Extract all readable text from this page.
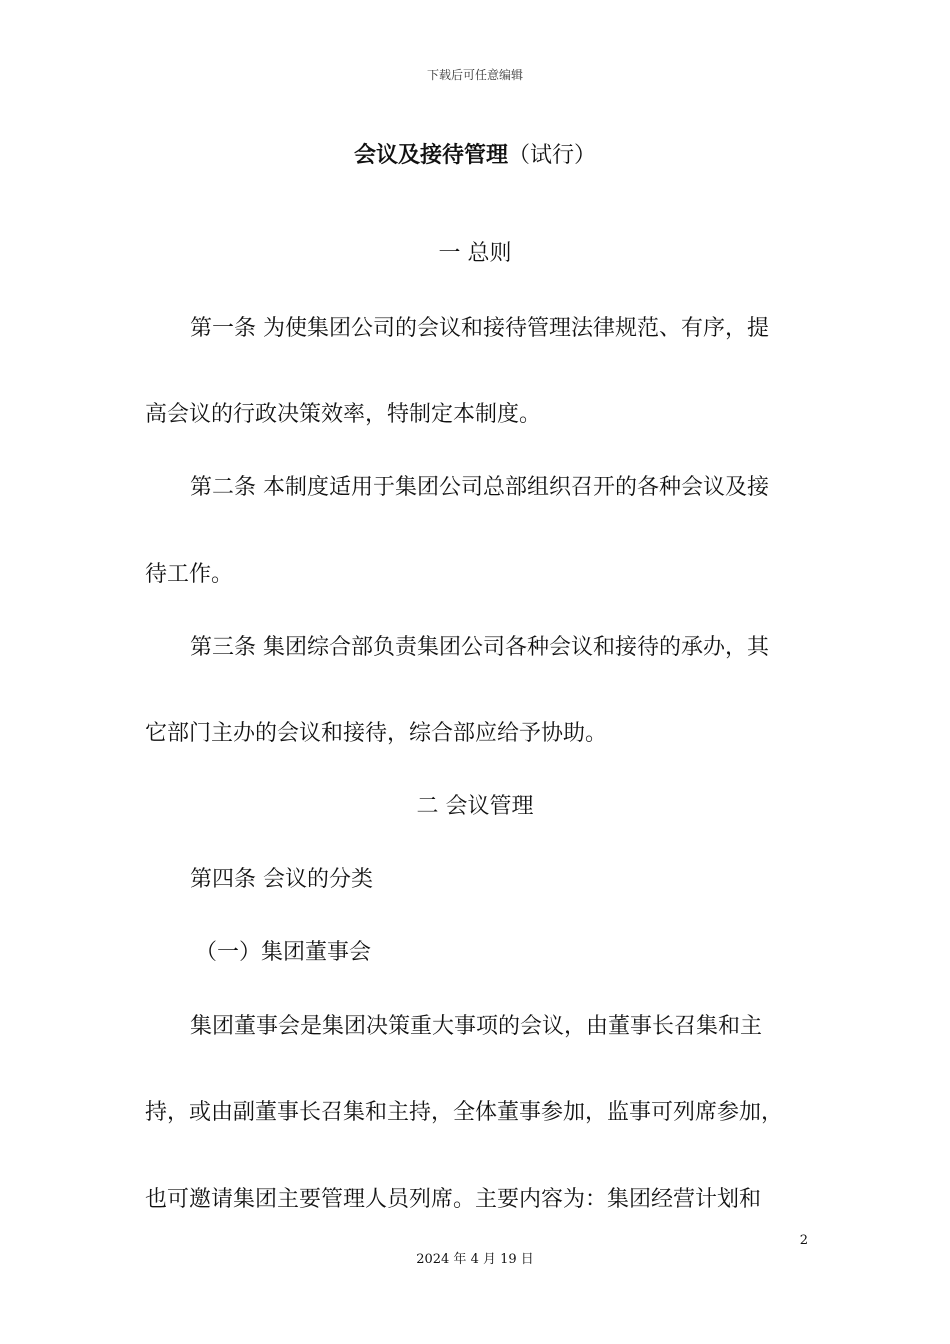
下载后可任意编辑
会议及接待管理（试行）
一 总则
第一条 为使集团公司的会议和接待管理法律规范、有序，提
高会议的行政决策效率，特制定本制度。
第二条 本制度适用于集团公司总部组织召开的各种会议及接
待工作。
第三条 集团综合部负责集团公司各种会议和接待的承办，其
它部门主办的会议和接待，综合部应给予协助。
二 会议管理
第四条 会议的分类
（一）集团董事会
集团董事会是集团决策重大事项的会议，由董事长召集和主
持，或由副董事长召集和主持，全体董事参加，监事可列席参加，
也可邀请集团主要管理人员列席。主要内容为：集团经营计划和
2
2024 年 4 月 19 日
